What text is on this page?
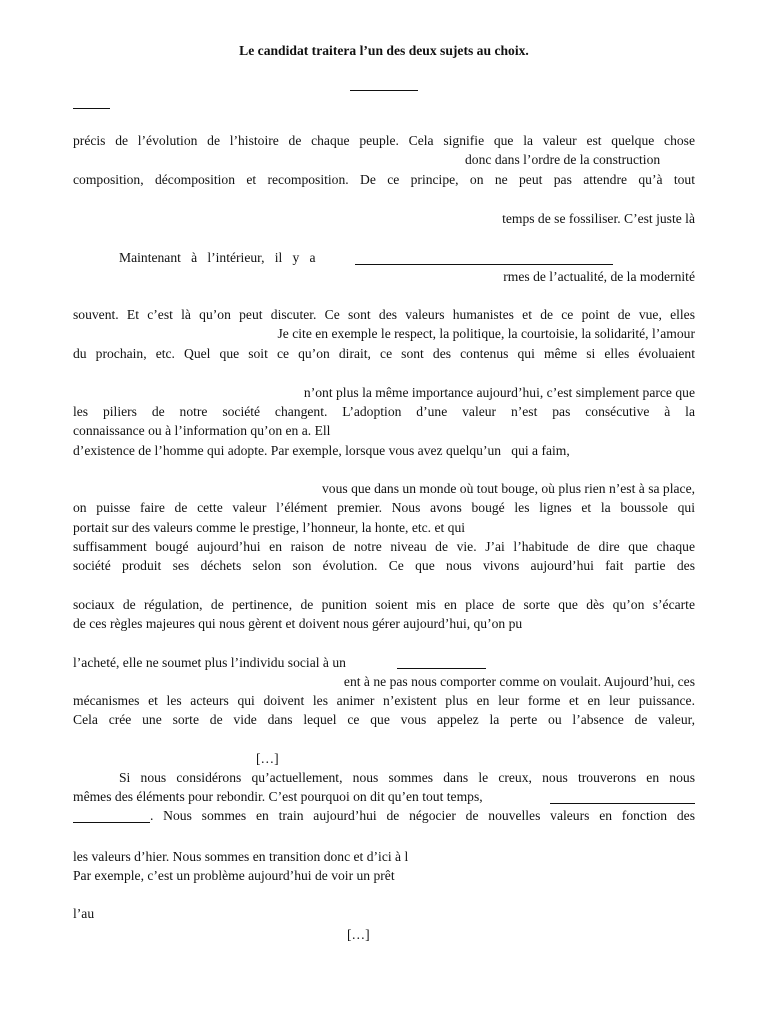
Le candidat traitera l’un des deux sujets au choix.
précis de l’évolution de l’histoire de chaque peuple. Cela signifie que la valeur est quelque chose
donc dans l’ordre de la construction
composition, décomposition et recomposition. De ce principe, on ne peut pas attendre qu’à tout
temps de se fossiliser. C’est juste là
Maintenant   à   l’intérieur,   il   y   a
rmes de l’actualité, de la modernité
souvent. Et c’est là qu’on peut discuter. Ce sont des valeurs humanistes et de ce point de vue, elles
Je cite en exemple le respect, la politique, la courtoisie, la solidarité, l’amour
du prochain, etc. Quel que soit ce qu’on dirait, ce sont des contenus qui même si elles évoluaient
n’ont plus la même importance aujourd’hui, c’est simplement parce que
les piliers de notre société changent. L’adoption d’une valeur n’est pas consécutive à la
connaissance ou à l’information qu’on en a. Ell
d’existence de l’homme qui adopte. Par exemple, lorsque vous avez quelqu’un   qui a faim,
vous que dans un monde où tout bouge, où plus rien n’est à sa place,
on puisse faire de cette valeur l’élément premier. Nous avons bougé les lignes et la boussole qui
portait sur des valeurs comme le prestige, l’honneur, la honte, etc. et qui
suffisamment bougé aujourd’hui en raison de notre niveau de vie. J’ai l’habitude de dire que chaque
société produit ses déchets selon son évolution. Ce que nous vivons aujourd’hui fait partie des
sociaux de régulation, de pertinence, de punition soient mis en place de sorte que dès qu’on s’écarte
de ces règles majeures qui nous gèrent et doivent nous gérer aujourd’hui, qu’on pu
l’acheté, elle ne soumet plus l’individu social à un
ent à ne pas nous comporter comme on voulait. Aujourd’hui, ces
mécanismes et les acteurs qui doivent les animer n’existent plus en leur forme et en leur puissance.
Cela crée une sorte de vide dans lequel ce que vous appelez la perte ou l’absence de valeur,
[…]
Si nous considérons qu’actuellement, nous sommes dans le creux, nous trouverons en nous
mêmes des éléments pour rebondir. C’est pourquoi on dit qu’en tout temps,
. Nous sommes en train aujourd’hui de négocier de nouvelles valeurs en fonction des
les valeurs d’hier. Nous sommes en transition donc et d’ici à l
Par exemple, c’est un problème aujourd’hui de voir un prêt
l’au
[…]
